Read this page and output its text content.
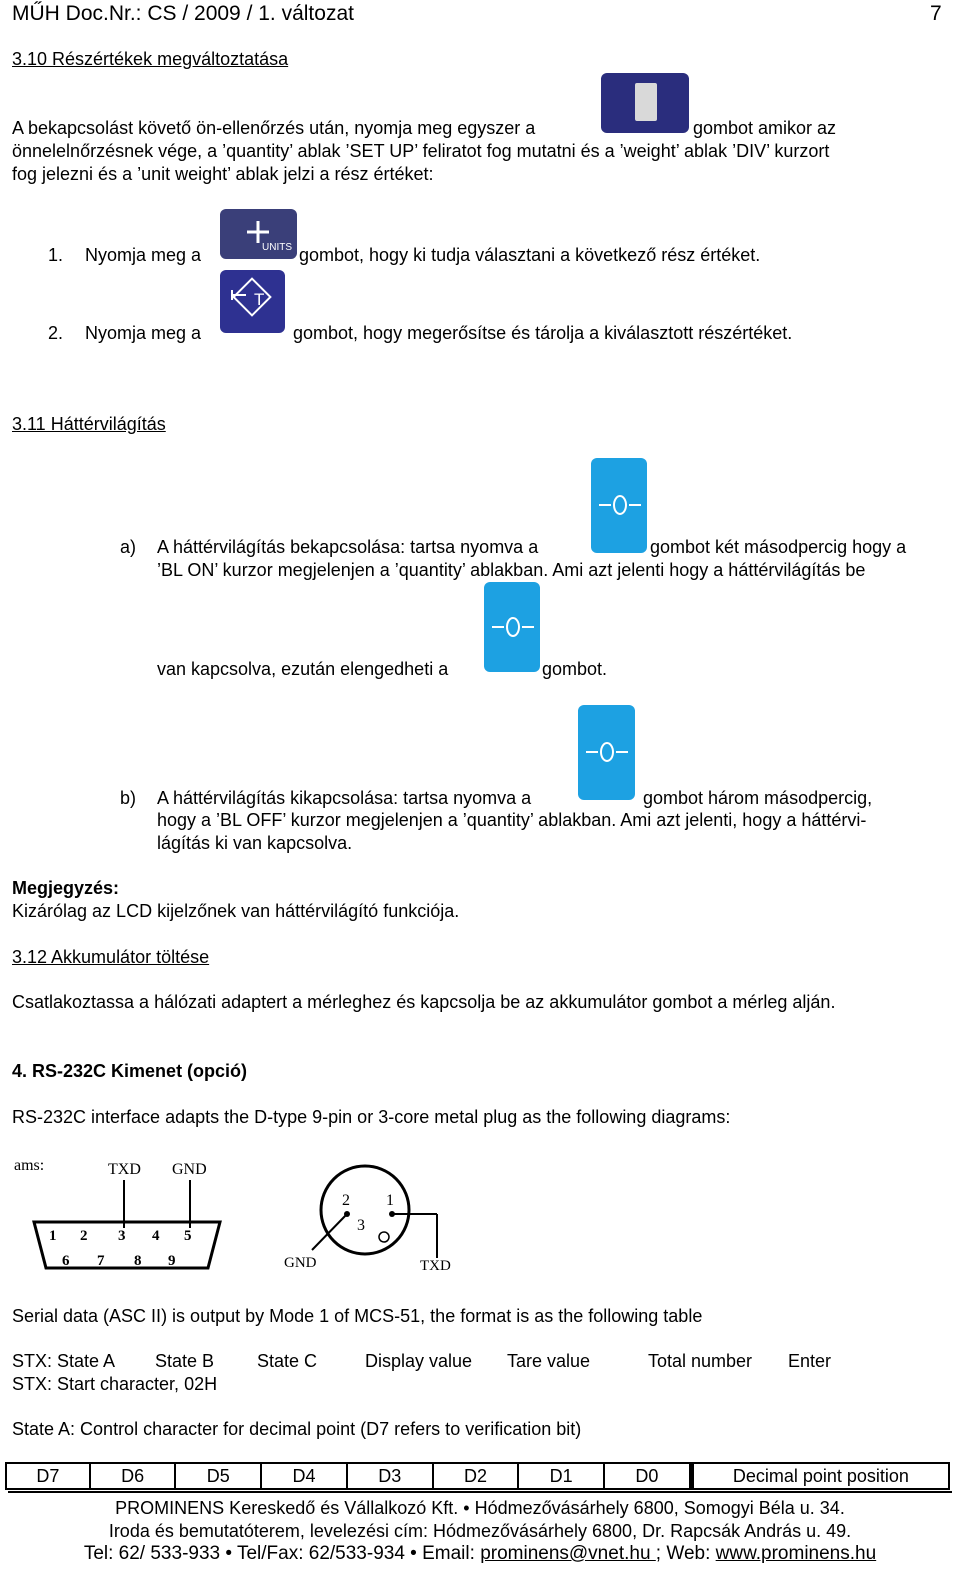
MŰH Doc.Nr.: CS / 2009 / 1. változat	7
3.10 Részértékek megváltoztatása
A bekapcsolást követő ön-ellenőrzés után, nyomja meg egyszer a	gombot amikor az
önnelelnőrzésnek vége, a ’quantity’ ablak ’SET UP’ feliratot fog mutatni és a ’weight’ ablak ’DIV’ kurzort
fog jelezni és a ’unit weight’ ablak jelzi a rész értéket:
1. Nyomja meg a	UNITS gombot, hogy ki tudja választani a következő rész értéket.
2. Nyomja meg a
T
gombot, hogy megerősítse és tárolja a kiválasztott részértéket.
3.11 Háttérvilágítás
a) A háttérvilágítás bekapcsolása: tartsa nyomva a	gombot két másodpercig hogy a
’BL ON’ kurzor megjelenjen a ’quantity’ ablakban. Ami azt jelenti hogy a háttérvilágítás be
van kapcsolva, ezután elengedheti a	gombot.
b) A háttérvilágítás kikapcsolása: tartsa nyomva a	gombot három másodpercig,
hogy a ’BL OFF’ kurzor megjelenjen a ’quantity’ ablakban. Ami azt jelenti, hogy a háttérvi-
lágítás ki van kapcsolva.
Megjegyzés:
Kizárólag az LCD kijelzőnek van háttérvilágító funkciója.
3.12 Akkumulátor töltése
Csatlakoztassa a hálózati adaptert a mérleghez és kapcsolja be az akkumulátor gombot a mérleg alján.
4. RS-232C Kimenet (opció)
RS-232C interface adapts the D-type 9-pin or 3-core metal plug as the following diagrams:
ams:	TXD GND
1 2 3 4 5
6 7 8 9
2 1
3
GND	TXD
Serial data (ASC II) is output by Mode 1 of MCS-51, the format is as the following table
STX: State A State B State C	Display value Tare value	Total number Enter
STX: Start character, 02H
State A: Control character for decimal point (D7 refers to verification bit)
D7	D6	D5	D4	D3	D2	D1	D0	Decimal point position
PROMINENS Kereskedő és Vállalkozó Kft. • Hódmezővásárhely 6800, Somogyi Béla u. 34.
Iroda és bemutatóterem, levelezési cím: Hódmezővásárhely 6800, Dr. Rapcsák András u. 49.
Tel: 62/ 533-933 • Tel/Fax: 62/533-934 • Email: prominens@vnet.hu ; Web: www.prominens.hu
